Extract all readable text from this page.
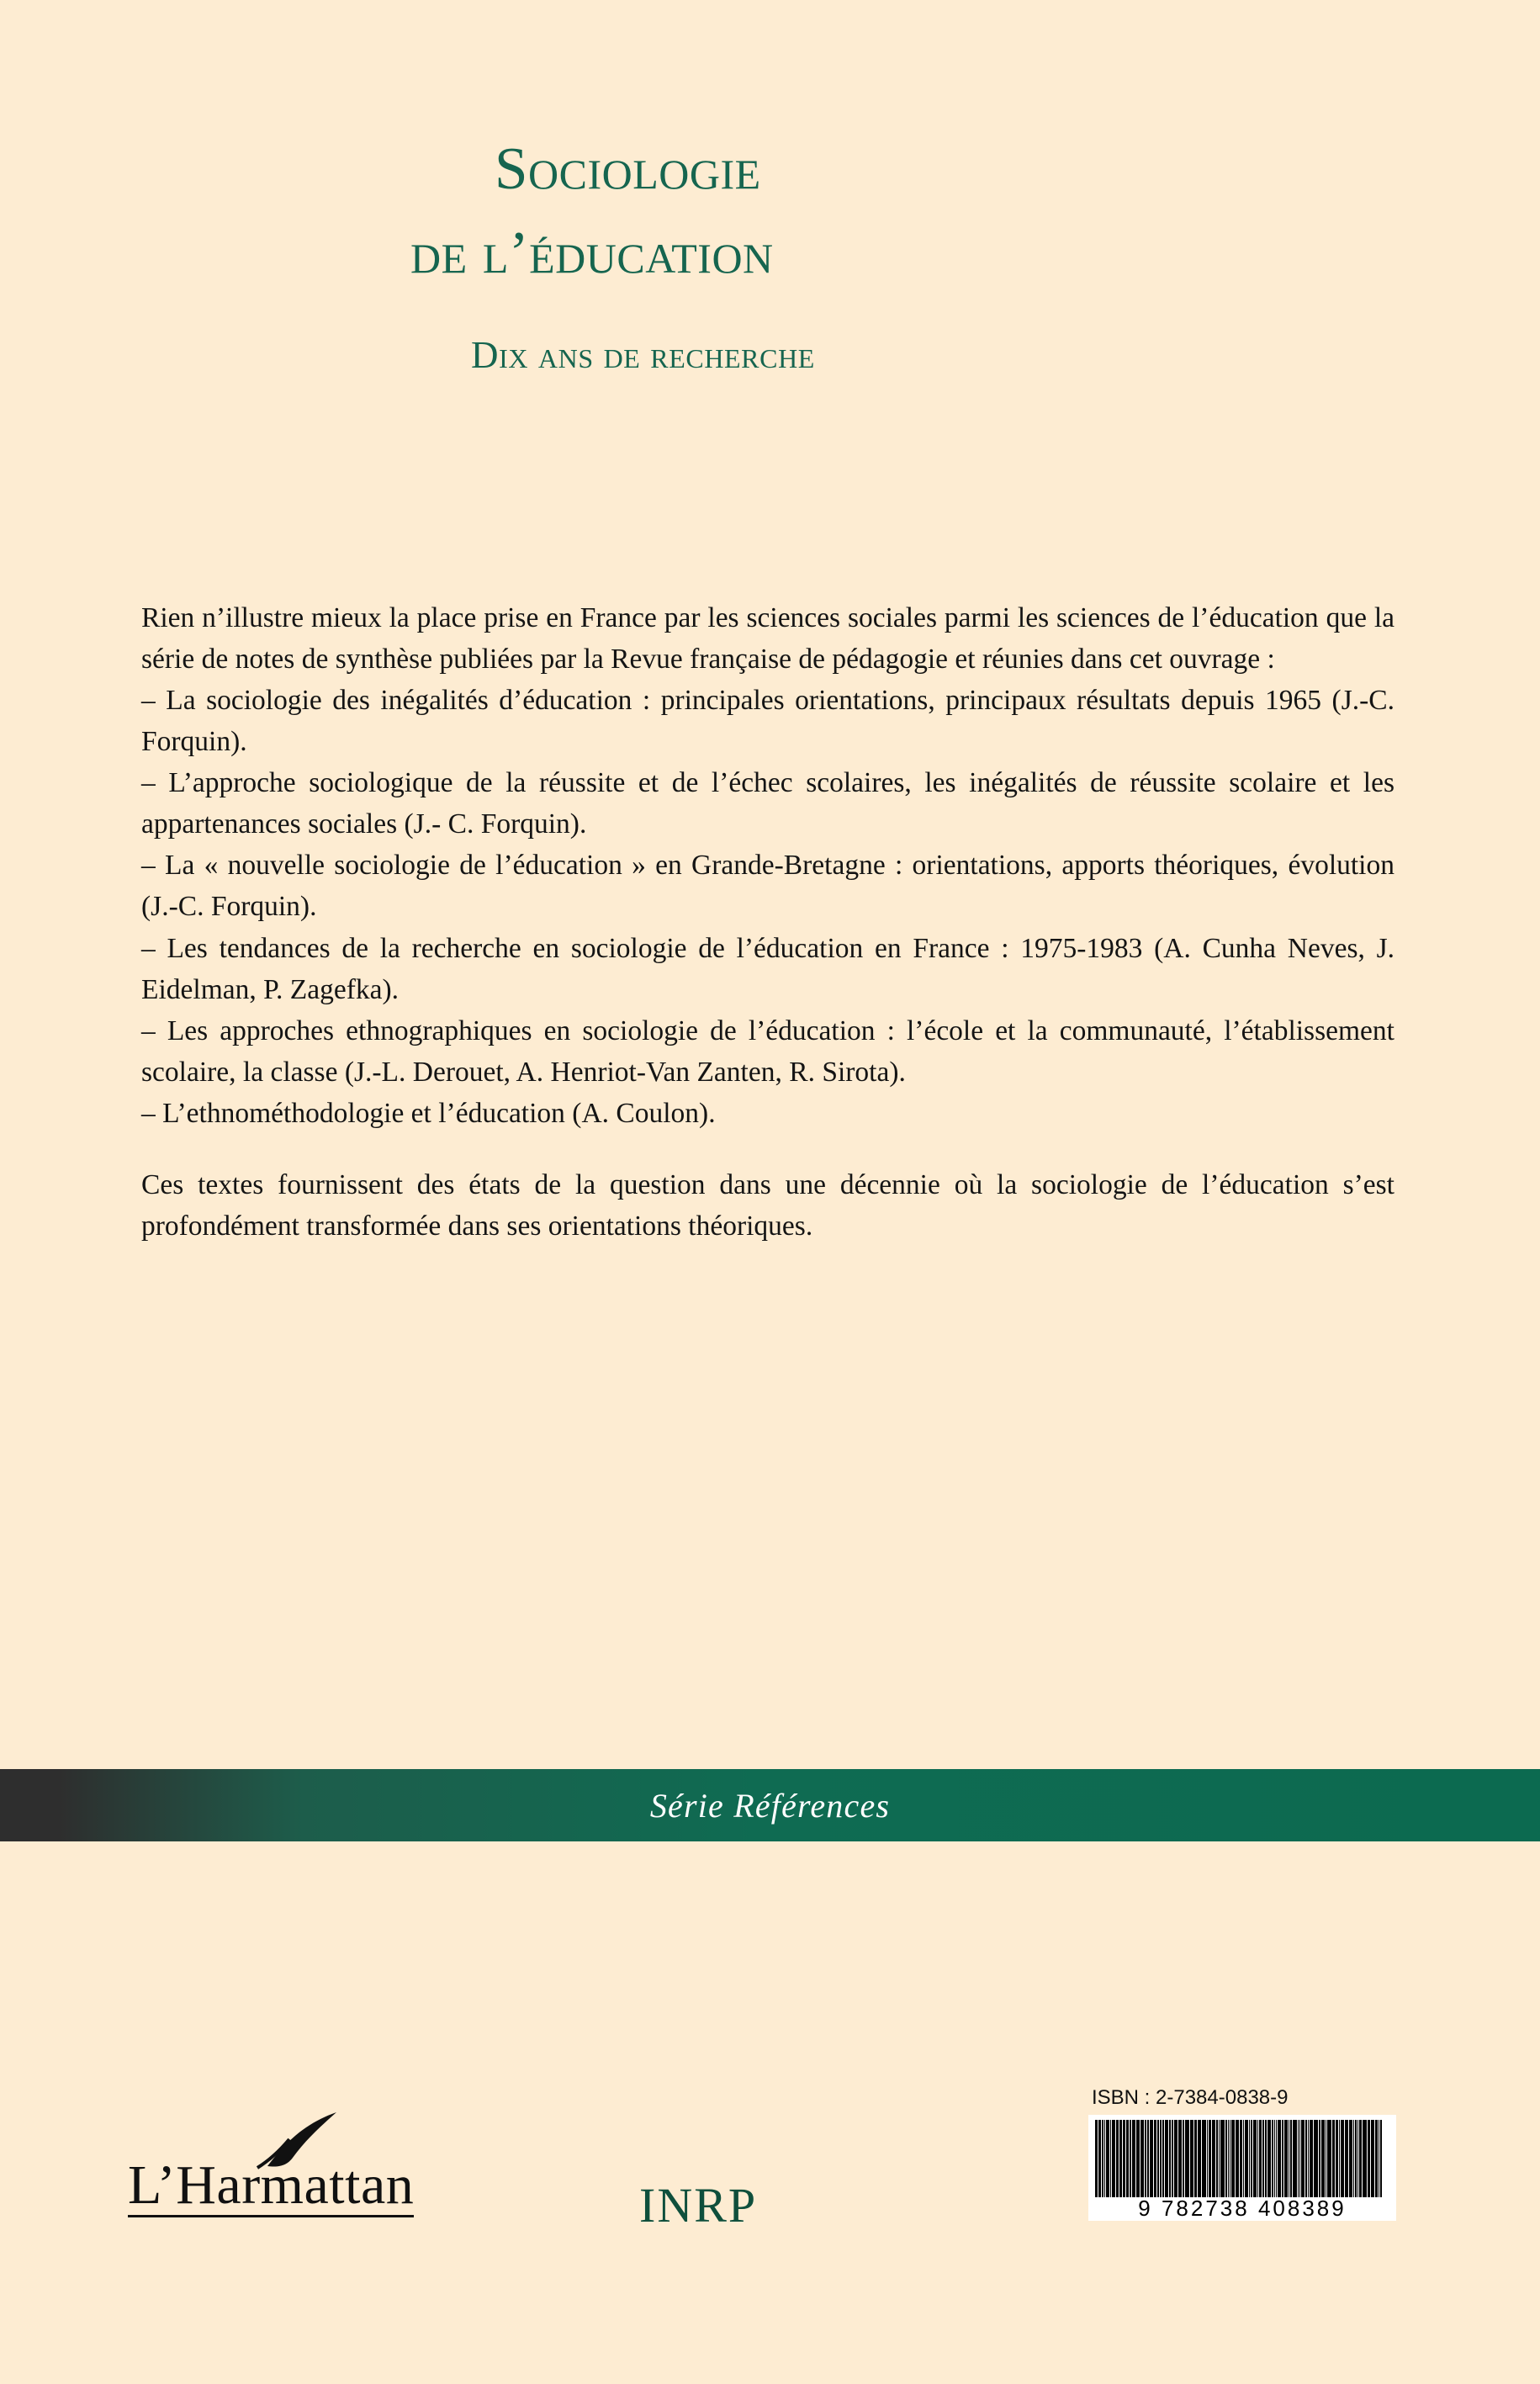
Sociologie
de l’éducation
Dix ans de recherche

Rien n’illustre mieux la place prise en France par les sciences sociales parmi les sciences de l’éducation que la série de notes de synthèse publiées par la Revue française de pédagogie et réunies dans cet ouvrage :

– La sociologie des inégalités d’éducation : principales orientations, principaux résultats depuis 1965 (J.-C. Forquin).

– L’approche sociologique de la réussite et de l’échec scolaires, les inégalités de réussite scolaire et les appartenances sociales (J.- C. Forquin).

– La « nouvelle sociologie de l’éducation » en Grande-Bretagne : orientations, apports théoriques, évolution (J.-C. Forquin).

– Les tendances de la recherche en sociologie de l’éducation en France : 1975-1983 (A. Cunha Neves, J. Eidelman, P. Zagefka).

– Les approches ethnographiques en sociologie de l’éducation : l’école et la communauté, l’établissement scolaire, la classe (J.-L. Derouet, A. Henriot-Van Zanten, R. Sirota).

– L’ethnométhodologie et l’éducation (A. Coulon).

Ces textes fournissent des états de la question dans une décennie où la sociologie de l’éducation s’est profondément transformée dans ses orientations théoriques.

Série Références
L’Harmattan	INRP
ISBN : 2-7384-0838-9
9 782738 408389
